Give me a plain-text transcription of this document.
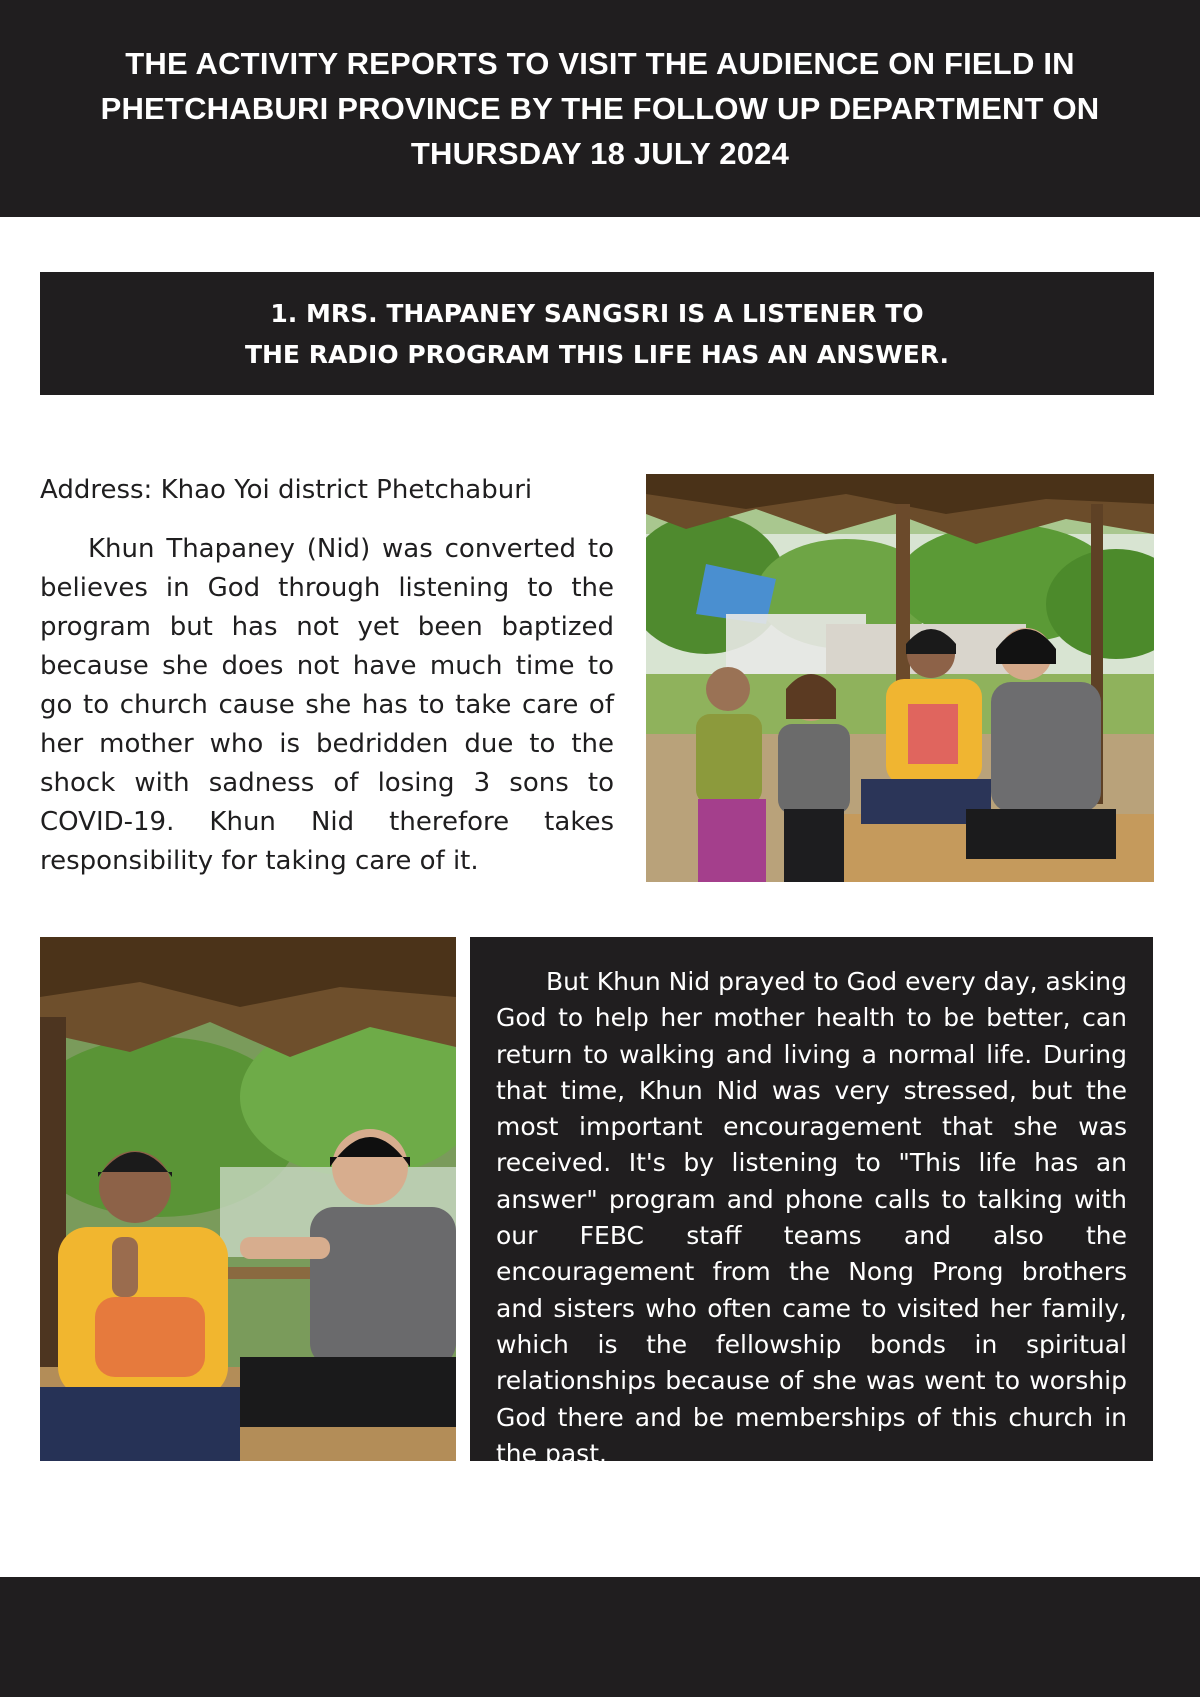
THE ACTIVITY REPORTS TO VISIT THE AUDIENCE ON FIELD IN PHETCHABURI PROVINCE BY THE FOLLOW UP DEPARTMENT ON THURSDAY 18 JULY 2024
1. MRS. THAPANEY SANGSRI IS A LISTENER TO
THE RADIO PROGRAM THIS LIFE HAS AN ANSWER.

Address: Khao Yoi district Phetchaburi

Khun Thapaney (Nid) was converted to believes in God through listening to the program but has not yet been baptized because she does not have much time to go to church cause she has to take care of her mother who is bedridden due to the shock with sadness of losing 3 sons to COVID-19. Khun Nid therefore takes responsibility for taking care of it.

But Khun Nid prayed to God every day, asking God to help her mother health to be better, can return to walking and living a normal life. During that time, Khun Nid was very stressed, but the most important encouragement that she was received. It's by listening to "This life has an answer" program and phone calls to talking with our FEBC staff teams and also the encouragement from the Nong Prong brothers and sisters who often came to visited her family, which is the fellowship bonds in spiritual relationships because of she was went to worship God there and be memberships of this church in the past.
